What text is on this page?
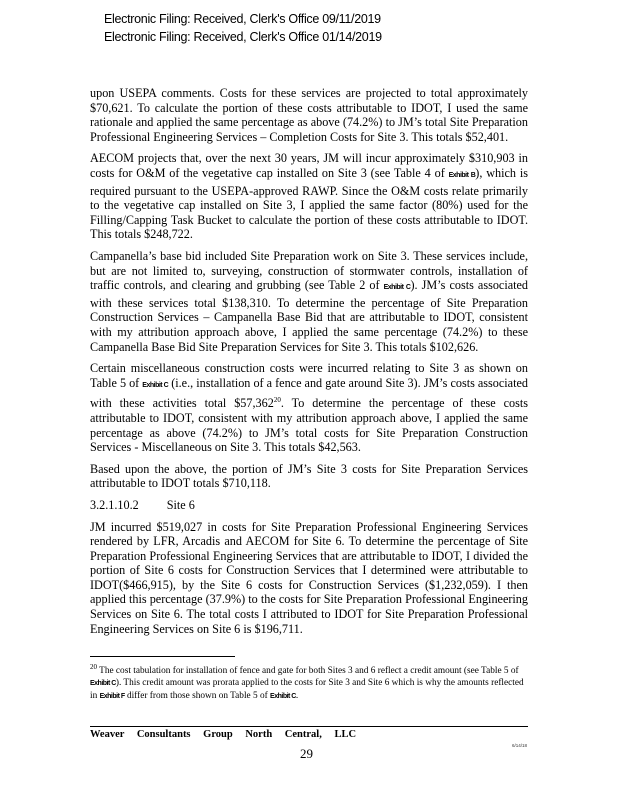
Electronic Filing: Received, Clerk's Office 09/11/2019
Electronic Filing: Received, Clerk's Office 01/14/2019

upon USEPA comments. Costs for these services are projected to total approximately $70,621. To calculate the portion of these costs attributable to IDOT, I used the same rationale and applied the same percentage as above (74.2%) to JM’s total Site Preparation Professional Engineering Services – Completion Costs for Site 3. This totals $52,401.

AECOM projects that, over the next 30 years, JM will incur approximately $310,903 in costs for O&M of the vegetative cap installed on Site 3 (see Table 4 of Exhibit B), which is required pursuant to the USEPA-approved RAWP. Since the O&M costs relate primarily to the vegetative cap installed on Site 3, I applied the same factor (80%) used for the Filling/Capping Task Bucket to calculate the portion of these costs attributable to IDOT. This totals $248,722.

Campanella’s base bid included Site Preparation work on Site 3. These services include, but are not limited to, surveying, construction of stormwater controls, installation of traffic controls, and clearing and grubbing (see Table 2 of Exhibit C). JM’s costs associated with these services total $138,310. To determine the percentage of Site Preparation Construction Services – Campanella Base Bid that are attributable to IDOT, consistent with my attribution approach above, I applied the same percentage (74.2%) to these Campanella Base Bid Site Preparation Services for Site 3. This totals $102,626.

Certain miscellaneous construction costs were incurred relating to Site 3 as shown on Table 5 of Exhibit C (i.e., installation of a fence and gate around Site 3). JM’s costs associated with these activities total $57,362$^{20}$. To determine the percentage of these costs attributable to IDOT, consistent with my attribution approach above, I applied the same percentage as above (74.2%) to JM’s total costs for Site Preparation Construction Services - Miscellaneous on Site 3. This totals $42,563.

Based upon the above, the portion of JM’s Site 3 costs for Site Preparation Services attributable to IDOT totals $710,118.

3.2.1.10.2 Site 6

JM incurred $519,027 in costs for Site Preparation Professional Engineering Services rendered by LFR, Arcadis and AECOM for Site 6. To determine the percentage of Site Preparation Professional Engineering Services that are attributable to IDOT, I divided the portion of Site 6 costs for Construction Services that I determined were attributable to IDOT($466,915), by the Site 6 costs for Construction Services ($1,232,059). I then applied this percentage (37.9%) to the costs for Site Preparation Professional Engineering Services on Site 6. The total costs I attributed to IDOT for Site Preparation Professional Engineering Services on Site 6 is $196,711.

$^{20}$ The cost tabulation for installation of fence and gate for both Sites 3 and 6 reflect a credit amount (see Table 5 of Exhibit C). This credit amount was prorata applied to the costs for Site 3 and Site 6 which is why the amounts reflected in Exhibit F differ from those shown on Table 5 of Exhibit C.
Weaver Consultants Group North Central, LLC
6/14/18
29
